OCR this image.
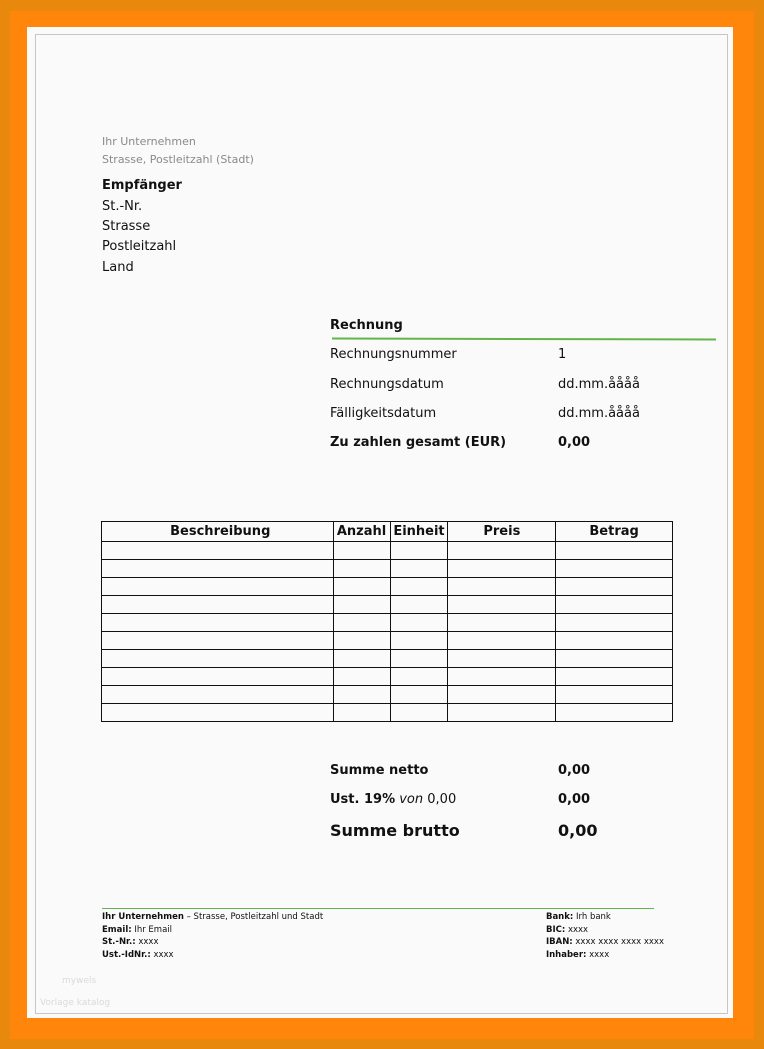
Ihr Unternehmen
Strasse, Postleitzahl (Stadt)
Empfänger
St.-Nr.
Strasse
Postleitzahl
Land
Rechnung
Rechnungsnummer	1
Rechnungsdatum	dd.mm.åååå
Fälligkeitsdatum	dd.mm.åååå
Zu zahlen gesamt (EUR)	0,00
Beschreibung	Anzahl	Einheit	Preis	Betrag

Summe netto	0,00
Ust. 19% von 0,00	0,00
Summe brutto	0,00
Ihr Unternehmen – Strasse, Postleitzahl und Stadt
Email: Ihr Email
St.-Nr.: xxxx
Ust.-IdNr.: xxxx
Bank: Irh bank
BIC: xxxx
IBAN: xxxx xxxx xxxx xxxx
Inhaber: xxxx
mywels
Vorlage katalog
